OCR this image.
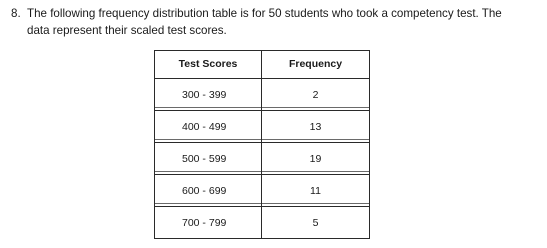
8. The following frequency distribution table is for 50 students who took a competency test. The
data represent their scaled test scores.
Test Scores	Frequency
300 - 399	2
400 - 499	13
500 - 599	19
600 - 699	11
700 - 799	5
